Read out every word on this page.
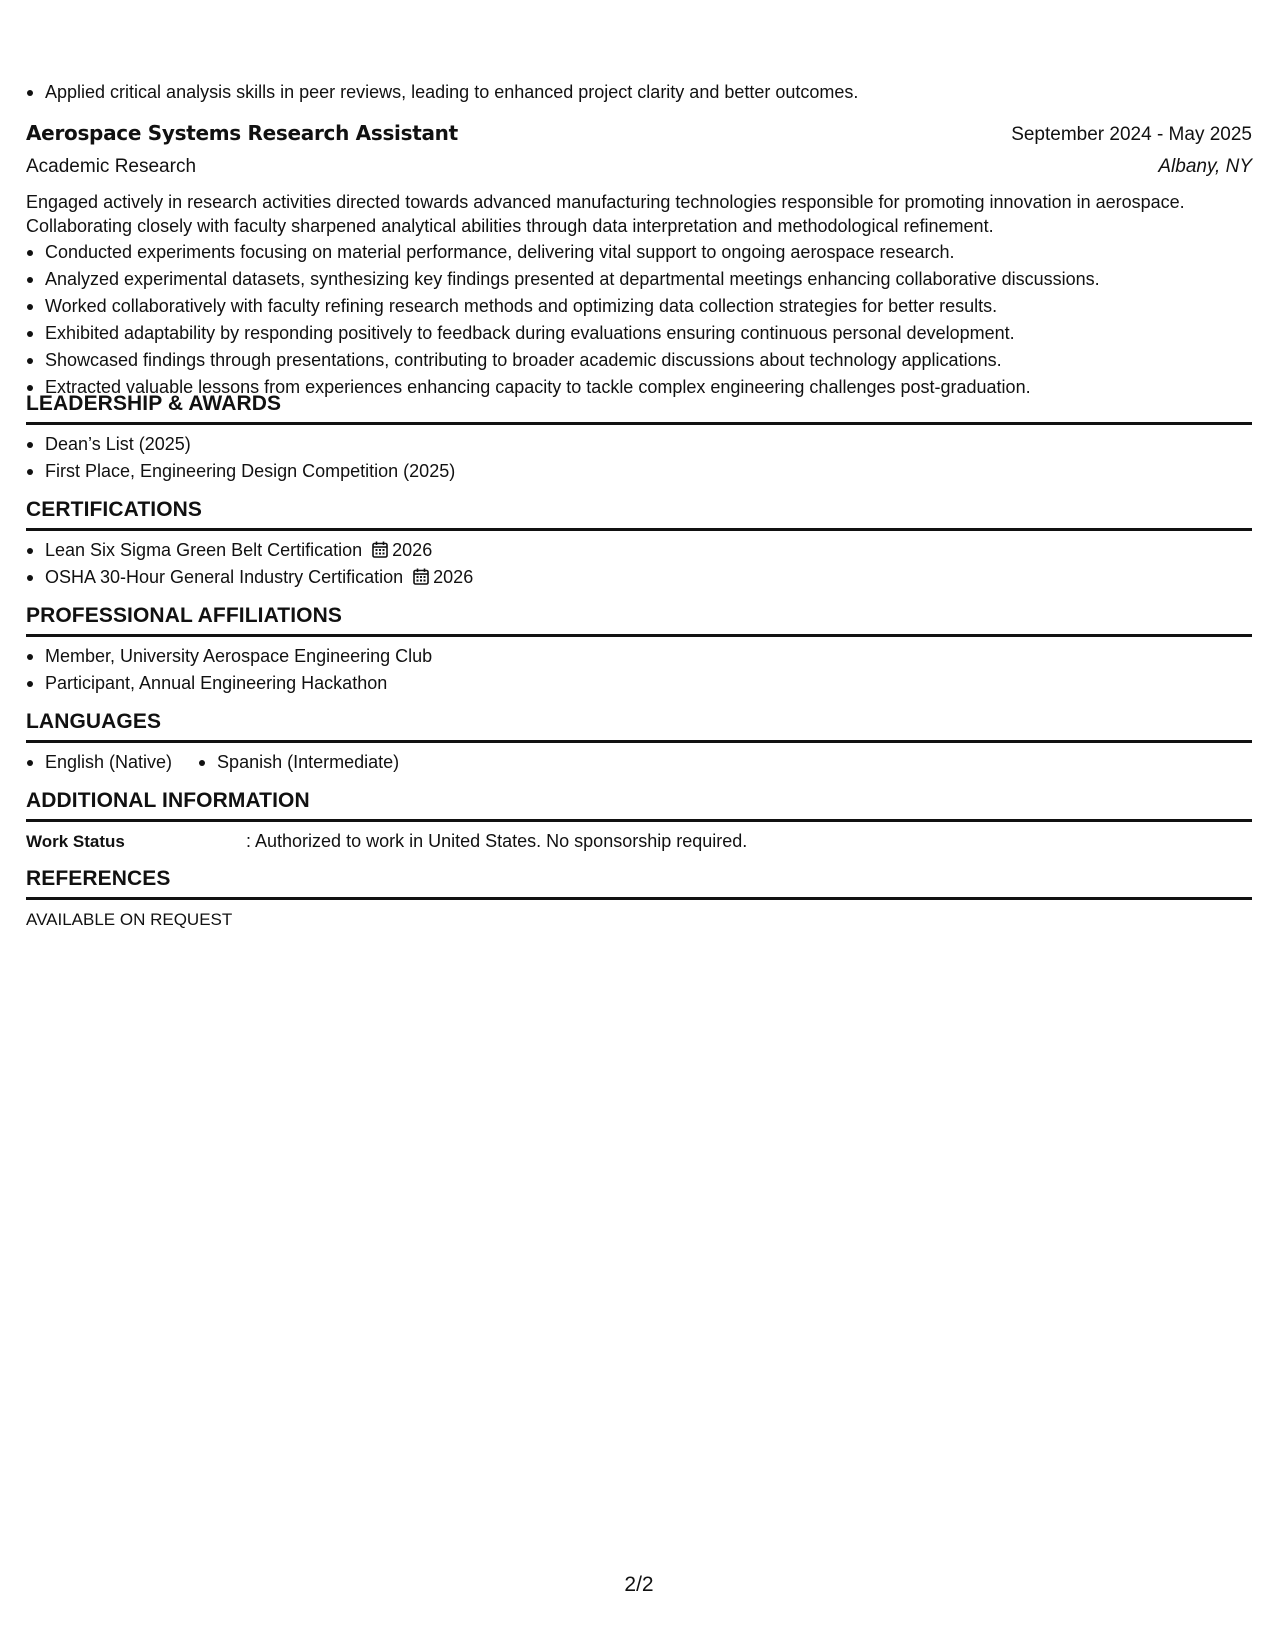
Applied critical analysis skills in peer reviews, leading to enhanced project clarity and better outcomes.
Aerospace Systems Research Assistant	September 2024 - May 2025
Academic Research	Albany, NY
Engaged actively in research activities directed towards advanced manufacturing technologies responsible for promoting innovation in aerospace. Collaborating closely with faculty sharpened analytical abilities through data interpretation and methodological refinement.
Conducted experiments focusing on material performance, delivering vital support to ongoing aerospace research.
Analyzed experimental datasets, synthesizing key findings presented at departmental meetings enhancing collaborative discussions.
Worked collaboratively with faculty refining research methods and optimizing data collection strategies for better results.
Exhibited adaptability by responding positively to feedback during evaluations ensuring continuous personal development.
Showcased findings through presentations, contributing to broader academic discussions about technology applications.
Extracted valuable lessons from experiences enhancing capacity to tackle complex engineering challenges post-graduation.
LEADERSHIP & AWARDS
Dean’s List (2025)
First Place, Engineering Design Competition (2025)
CERTIFICATIONS
Lean Six Sigma Green Belt Certification 2026
OSHA 30-Hour General Industry Certification 2026
PROFESSIONAL AFFILIATIONS
Member, University Aerospace Engineering Club
Participant, Annual Engineering Hackathon
LANGUAGES
English (Native)	Spanish (Intermediate)
ADDITIONAL INFORMATION
Work Status	: Authorized to work in United States. No sponsorship required.
REFERENCES
AVAILABLE ON REQUEST
2/2
